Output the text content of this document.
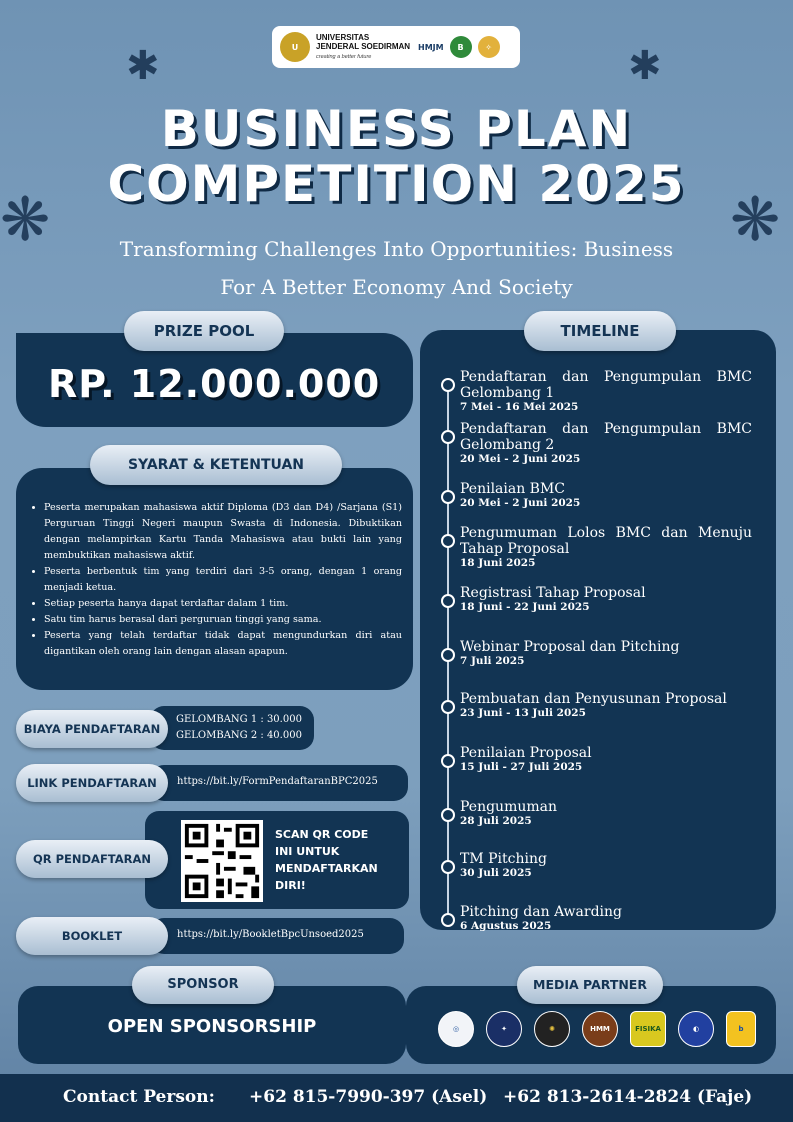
✱	✱
❋	❋
U
UNIVERSITAS JENDERAL SOEDIRMAN
creating a better future
HMJM	B	✧
BUSINESS PLAN
COMPETITION 2025
Transforming Challenges Into Opportunities: Business
For A Better Economy And Society
PRIZE POOL
RP. 12.000.000
SYARAT & KETENTUAN
• Peserta merupakan mahasiswa aktif Diploma (D3 dan D4) /Sarjana (S1) Perguruan Tinggi Negeri maupun Swasta di Indonesia. Dibuktikan dengan melampirkan Kartu Tanda Mahasiswa atau bukti lain yang membuktikan mahasiswa aktif.
• Peserta berbentuk tim yang terdiri dari 3-5 orang, dengan 1 orang menjadi ketua.
• Setiap peserta hanya dapat terdaftar dalam 1 tim.
• Satu tim harus berasal dari perguruan tinggi yang sama.
• Peserta yang telah terdaftar tidak dapat mengundurkan diri atau digantikan oleh orang lain dengan alasan apapun.
GELOMBANG 1 : 30.000
GELOMBANG 2 : 40.000
BIAYA PENDAFTARAN
https://bit.ly/FormPendaftaranBPC2025
LINK PENDAFTARAN
SCAN QR CODE INI UNTUK MENDAFTARKAN DIRI!
QR PENDAFTARAN
https://bit.ly/BookletBpcUnsoed2025
BOOKLET
TIMELINE
Pendaftaran dan Pengumpulan BMC Gelombang 1
7 Mei - 16 Mei 2025
Pendaftaran dan Pengumpulan BMC Gelombang 2
20 Mei - 2 Juni 2025
Penilaian BMC
20 Mei - 2 Juni 2025
Pengumuman Lolos BMC dan Menuju Tahap Proposal
18 Juni 2025
Registrasi Tahap Proposal
18 Juni - 22 Juni 2025
Webinar Proposal dan Pitching
7 Juli 2025
Pembuatan dan Penyusunan Proposal
23 Juni - 13 Juli 2025
Penilaian Proposal
15 Juli - 27 Juli 2025
Pengumuman
28 Juli 2025
TM Pitching
30 Juli 2025
Pitching dan Awarding
6 Agustus 2025
SPONSOR
OPEN SPONSORSHIP
MEDIA PARTNER
◎	✦	✺	HMM	FISIKA	◐	b
Contact Person: +62 815-7990-397 (Asel) +62 813-2614-2824 (Faje)
